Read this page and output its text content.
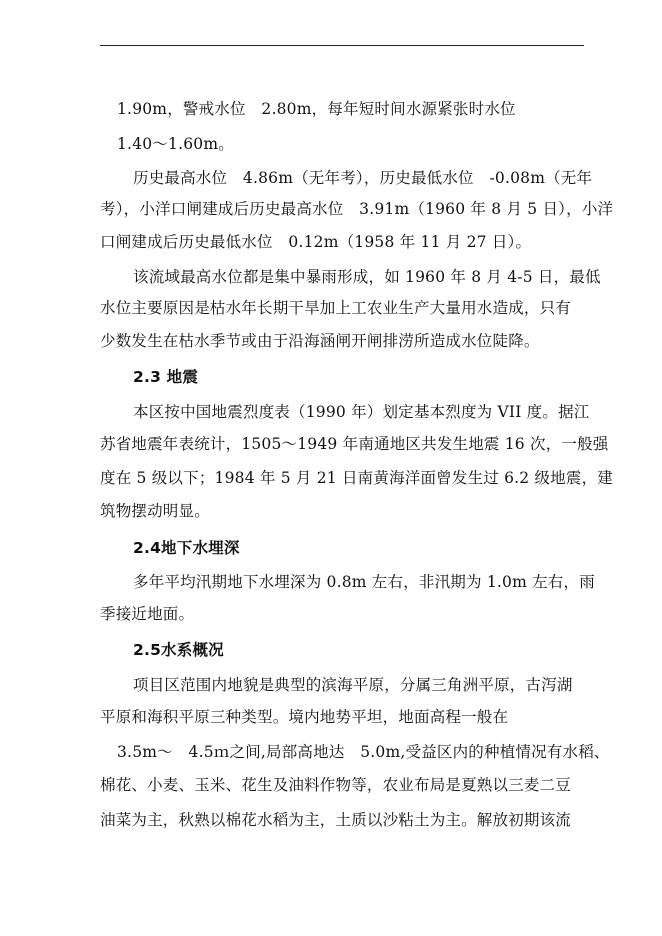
1.90m，警戒水位　2.80m，每年短时间水源紧张时水位
1.40～1.60m。
历史最高水位　4.86m（无年考），历史最低水位　-0.08m（无年
考），小洋口闸建成后历史最高水位　3.91m（1960 年 8 月 5 日），小洋
口闸建成后历史最低水位　0.12m（1958 年 11 月 27 日）。
该流域最高水位都是集中暴雨形成，如 1960 年 8 月 4-5 日，最低
水位主要原因是枯水年长期干旱加上工农业生产大量用水造成，只有
少数发生在枯水季节或由于沿海涵闸开闸排涝所造成水位陡降。
2.3 地震
本区按中国地震烈度表（1990 年）划定基本烈度为 VII 度。据江
苏省地震年表统计，1505～1949 年南通地区共发生地震 16 次，一般强
度在 5 级以下；1984 年 5 月 21 日南黄海洋面曾发生过 6.2 级地震，建
筑物摆动明显。
2.4地下水埋深
多年平均汛期地下水埋深为 0.8m 左右，非汛期为 1.0m 左右，雨
季接近地面。
2.5水系概况
项目区范围内地貌是典型的滨海平原，分属三角洲平原，古泻湖
平原和海积平原三种类型。境内地势平坦，地面高程一般在
3.5m～　4.5ｍ之间,局部高地达　5.0m,受益区内的种植情况有水稻、
棉花、小麦、玉米、花生及油料作物等，农业布局是夏熟以三麦二豆
油菜为主，秋熟以棉花水稻为主，土质以沙粘土为主。解放初期该流
